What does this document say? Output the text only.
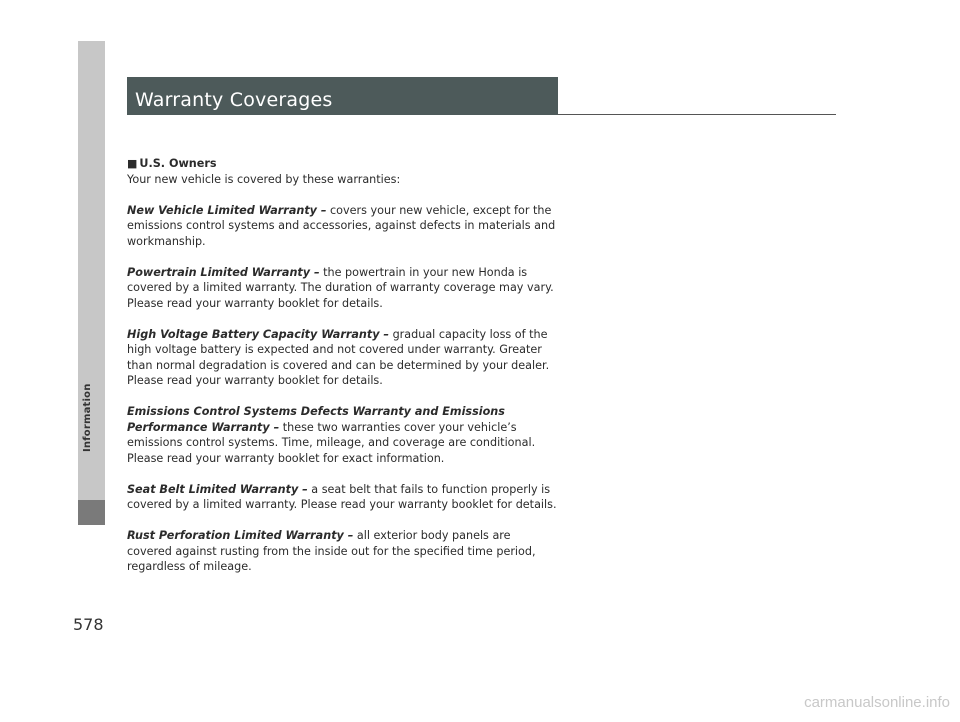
Warranty Coverages
■ U.S. Owners

Your new vehicle is covered by these warranties:

New Vehicle Limited Warranty – covers your new vehicle, except for the emissions control systems and accessories, against defects in materials and workmanship.

Powertrain Limited Warranty – the powertrain in your new Honda is covered by a limited warranty. The duration of warranty coverage may vary. Please read your warranty booklet for details.

High Voltage Battery Capacity Warranty – gradual capacity loss of the high voltage battery is expected and not covered under warranty. Greater than normal degradation is covered and can be determined by your dealer. Please read your warranty booklet for details.

Emissions Control Systems Defects Warranty and Emissions Performance Warranty – these two warranties cover your vehicle’s emissions control systems. Time, mileage, and coverage are conditional. Please read your warranty booklet for exact information.

Seat Belt Limited Warranty – a seat belt that fails to function properly is covered by a limited warranty. Please read your warranty booklet for details.

Rust Perforation Limited Warranty – all exterior body panels are covered against rusting from the inside out for the specified time period, regardless of mileage.

578
carmanualsonline.info
